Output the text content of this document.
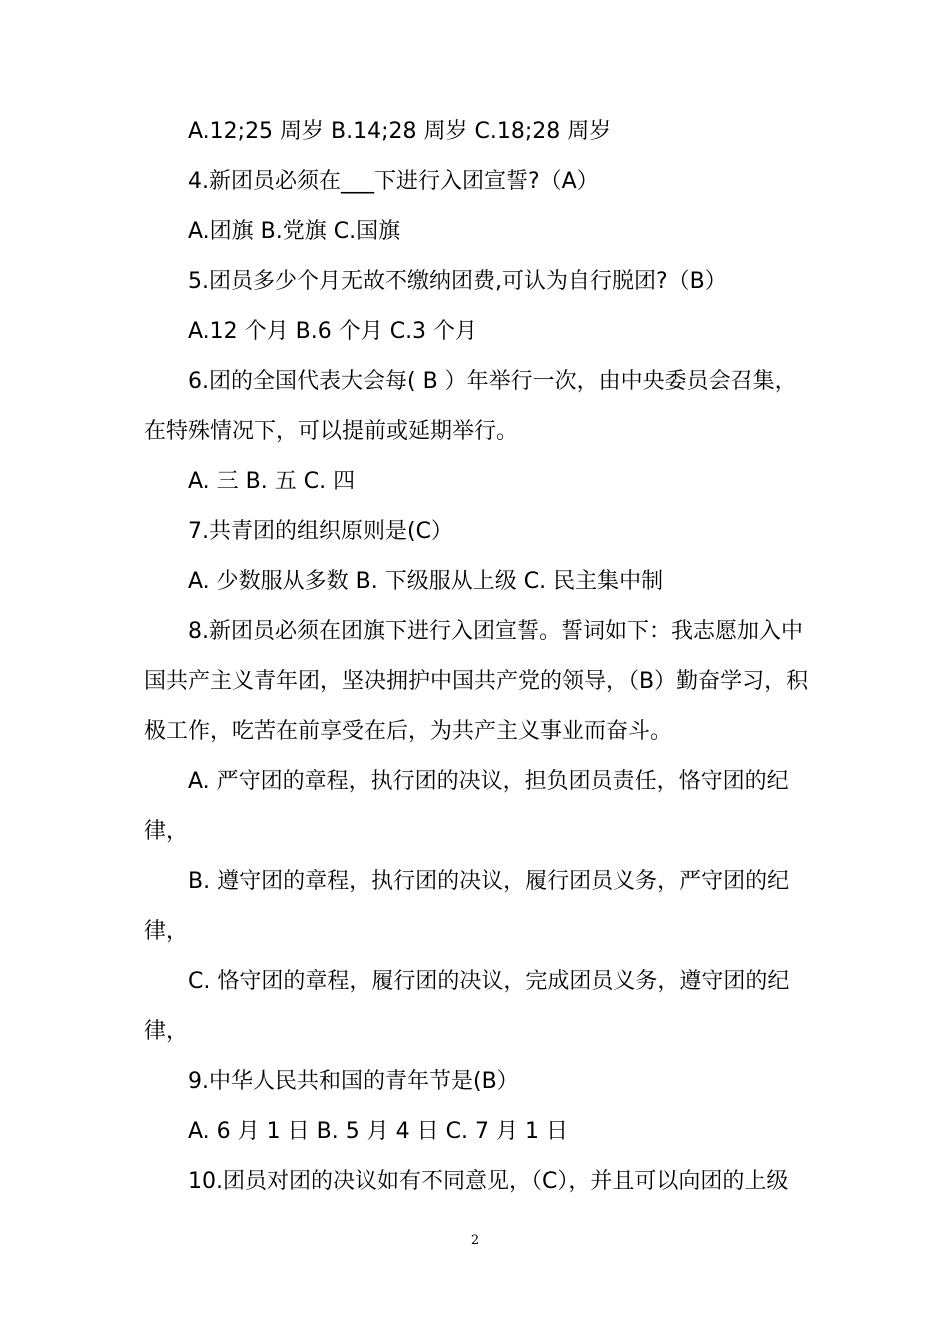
A.12;25 周岁 B.14;28 周岁 C.18;28 周岁
4.新团员必须在___下进行入团宣誓?（A）
A.团旗 B.党旗 C.国旗
5.团员多少个月无故不缴纳团费,可认为自行脱团?（B）
A.12 个月 B.6 个月 C.3 个月
6.团的全国代表大会每( B ）年举行一次，由中央委员会召集，在特殊情况下，可以提前或延期举行。
A. 三 B. 五 C. 四
7.共青团的组织原则是(C）
A. 少数服从多数 B. 下级服从上级 C. 民主集中制
8.新团员必须在团旗下进行入团宣誓。誓词如下：我志愿加入中国共产主义青年团，坚决拥护中国共产党的领导，（B）勤奋学习，积极工作，吃苦在前享受在后，为共产主义事业而奋斗。
A. 严守团的章程，执行团的决议，担负团员责任，恪守团的纪律，
B. 遵守团的章程，执行团的决议，履行团员义务，严守团的纪律，
C. 恪守团的章程，履行团的决议，完成团员义务，遵守团的纪律，
9.中华人民共和国的青年节是(B）
A. 6 月 1 日 B. 5 月 4 日 C. 7 月 1 日
10.团员对团的决议如有不同意见，（C），并且可以向团的上级
2
